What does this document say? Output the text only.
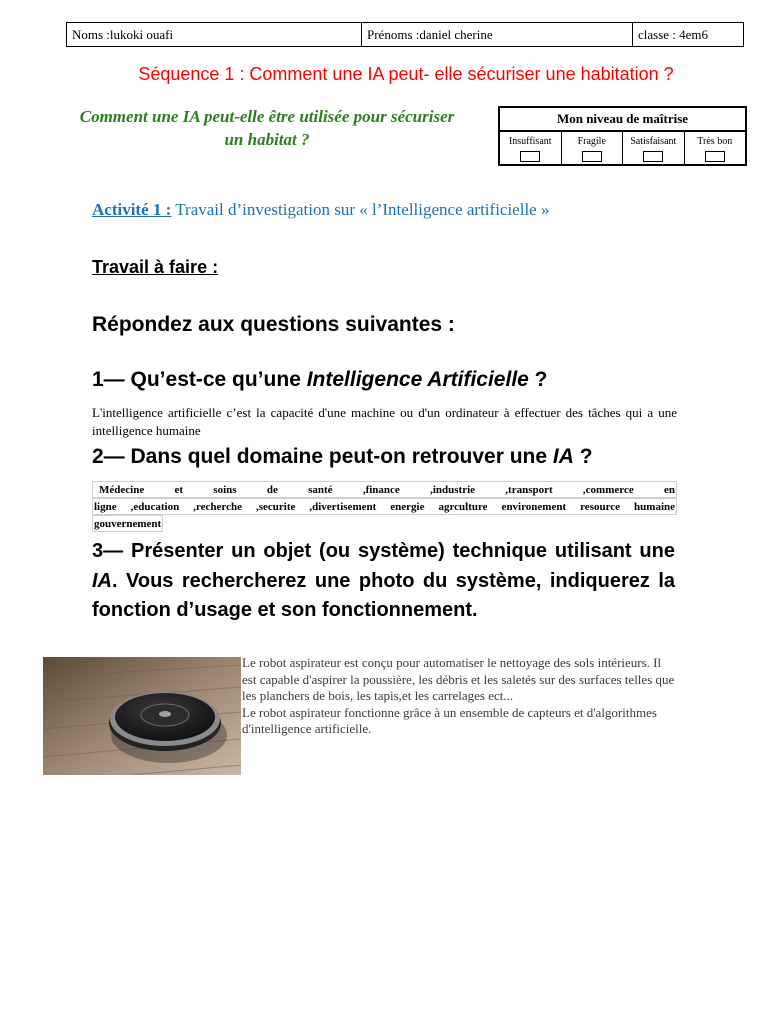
Noms :lukoki ouafi	Prénoms :daniel cherine	classe : 4em6
Séquence 1 : Comment une IA peut- elle sécuriser une habitation ?
Comment une IA peut-elle être utilisée pour sécuriser un habitat ?
Mon niveau de maîtrise
Insuffisant	Fragile	Satisfaisant	Très bon
Activité 1 : Travail d’investigation sur « l’Intelligence artificielle »
Travail à faire :
Répondez aux questions suivantes :
1— Qu’est-ce qu’une Intelligence Artificielle ?
L'intelligence artificielle c’est la capacité d'une machine ou d'un ordinateur à effectuer des tâches qui a une intelligence humaine
2— Dans quel domaine peut-on retrouver une IA ?
Médecine et soins de santé ,finance ,industrie ,transport ,commerce en
ligne ,education ,recherche ,securite ,divertisement energie agrculture environement resource humaine
gouvernement
3— Présenter un objet (ou système) technique utilisant une IA. Vous rechercherez une photo du système, indiquerez la fonction d’usage et son fonctionnement.
Le robot aspirateur est conçu pour automatiser le nettoyage des sols intérieurs. Il est capable d'aspirer la poussière, les débris et les saletés sur des surfaces telles que les planchers de bois, les tapis,et les carrelages ect...
Le robot aspirateur fonctionne grâce à un ensemble de capteurs et d'algorithmes d'intelligence artificielle.
